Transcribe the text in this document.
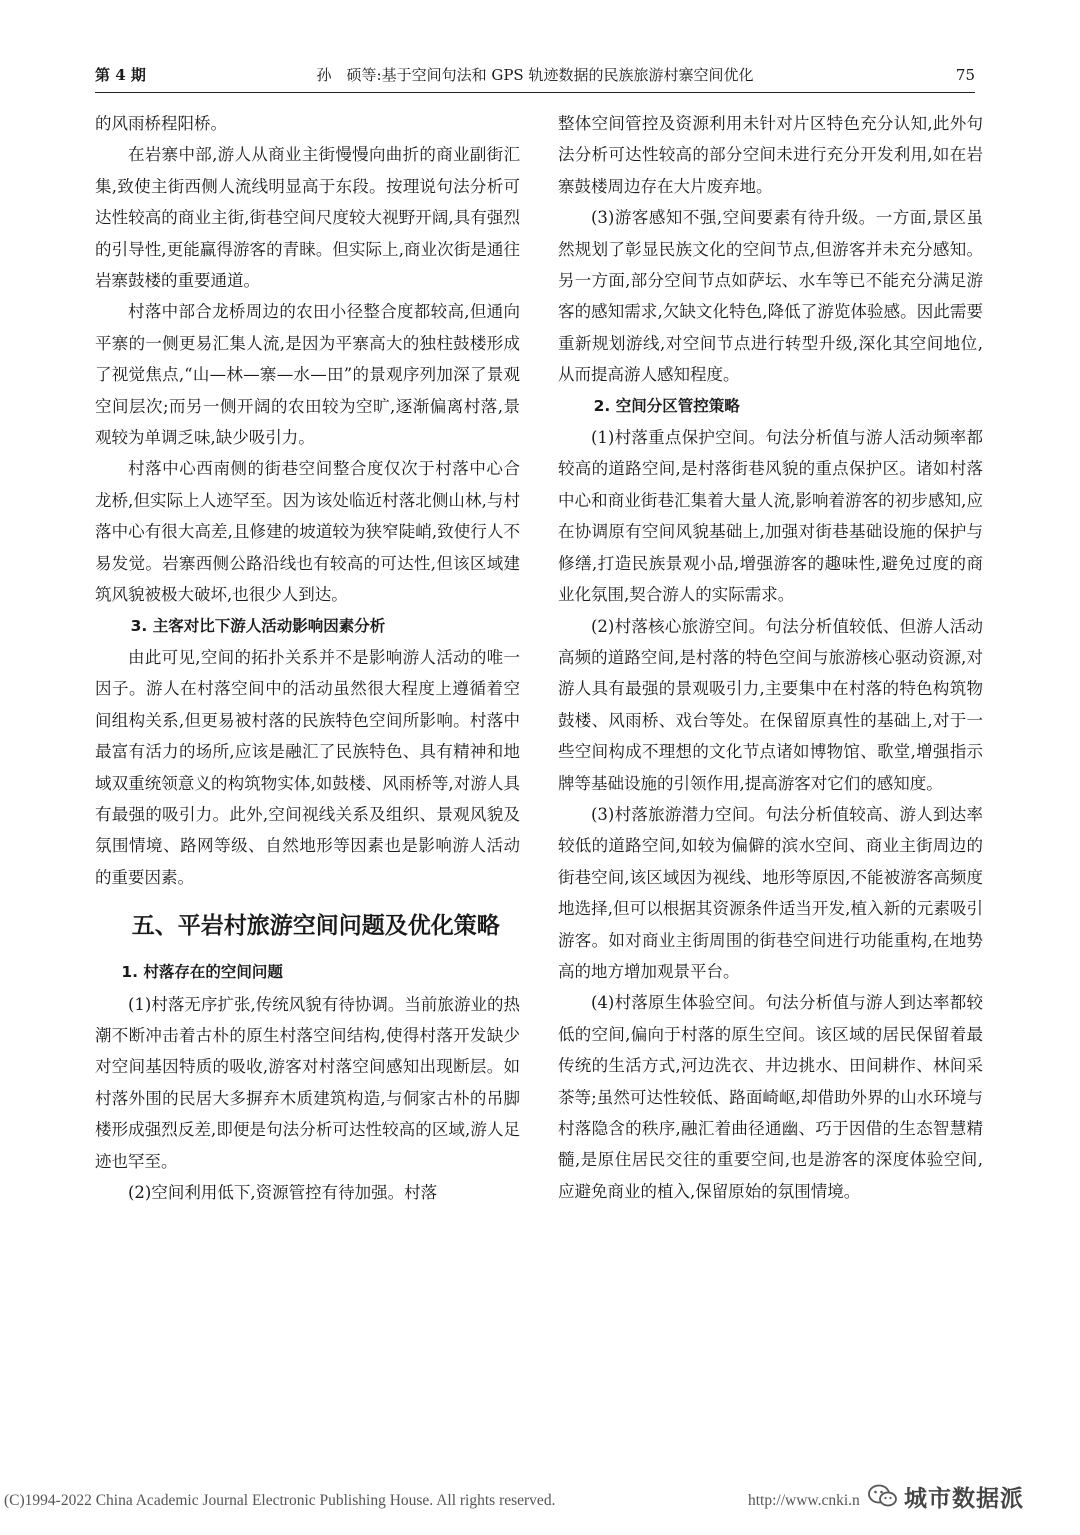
第 4 期	孙　硕等:基于空间句法和 GPS 轨迹数据的民族旅游村寨空间优化	75

的风雨桥程阳桥。

在岩寨中部,游人从商业主街慢慢向曲折的商业副街汇集,致使主街西侧人流线明显高于东段。按理说句法分析可达性较高的商业主街,街巷空间尺度较大视野开阔,具有强烈的引导性,更能赢得游客的青睐。但实际上,商业次街是通往岩寨鼓楼的重要通道。

村落中部合龙桥周边的农田小径整合度都较高,但通向平寨的一侧更易汇集人流,是因为平寨高大的独柱鼓楼形成了视觉焦点,“山—林—寨—水—田”的景观序列加深了景观空间层次;而另一侧开阔的农田较为空旷,逐渐偏离村落,景观较为单调乏味,缺少吸引力。

村落中心西南侧的街巷空间整合度仅次于村落中心合龙桥,但实际上人迹罕至。因为该处临近村落北侧山林,与村落中心有很大高差,且修建的坡道较为狭窄陡峭,致使行人不易发觉。岩寨西侧公路沿线也有较高的可达性,但该区域建筑风貌被极大破坏,也很少人到达。

3. 主客对比下游人活动影响因素分析

由此可见,空间的拓扑关系并不是影响游人活动的唯一因子。游人在村落空间中的活动虽然很大程度上遵循着空间组构关系,但更易被村落的民族特色空间所影响。村落中最富有活力的场所,应该是融汇了民族特色、具有精神和地域双重统领意义的构筑物实体,如鼓楼、风雨桥等,对游人具有最强的吸引力。此外,空间视线关系及组织、景观风貌及氛围情境、路网等级、自然地形等因素也是影响游人活动的重要因素。

五、平岩村旅游空间问题及优化策略

1. 村落存在的空间问题

(1)村落无序扩张,传统风貌有待协调。当前旅游业的热潮不断冲击着古朴的原生村落空间结构,使得村落开发缺少对空间基因特质的吸收,游客对村落空间感知出现断层。如村落外围的民居大多摒弃木质建筑构造,与侗家古朴的吊脚楼形成强烈反差,即便是句法分析可达性较高的区域,游人足迹也罕至。

(2)空间利用低下,资源管控有待加强。村落

整体空间管控及资源利用未针对片区特色充分认知,此外句法分析可达性较高的部分空间未进行充分开发利用,如在岩寨鼓楼周边存在大片废弃地。

(3)游客感知不强,空间要素有待升级。一方面,景区虽然规划了彰显民族文化的空间节点,但游客并未充分感知。另一方面,部分空间节点如萨坛、水车等已不能充分满足游客的感知需求,欠缺文化特色,降低了游览体验感。因此需要重新规划游线,对空间节点进行转型升级,深化其空间地位,从而提高游人感知程度。

2. 空间分区管控策略

(1)村落重点保护空间。句法分析值与游人活动频率都较高的道路空间,是村落街巷风貌的重点保护区。诸如村落中心和商业街巷汇集着大量人流,影响着游客的初步感知,应在协调原有空间风貌基础上,加强对街巷基础设施的保护与修缮,打造民族景观小品,增强游客的趣味性,避免过度的商业化氛围,契合游人的实际需求。

(2)村落核心旅游空间。句法分析值较低、但游人活动高频的道路空间,是村落的特色空间与旅游核心驱动资源,对游人具有最强的景观吸引力,主要集中在村落的特色构筑物鼓楼、风雨桥、戏台等处。在保留原真性的基础上,对于一些空间构成不理想的文化节点诸如博物馆、歌堂,增强指示牌等基础设施的引领作用,提高游客对它们的感知度。

(3)村落旅游潜力空间。句法分析值较高、游人到达率较低的道路空间,如较为偏僻的滨水空间、商业主街周边的街巷空间,该区域因为视线、地形等原因,不能被游客高频度地选择,但可以根据其资源条件适当开发,植入新的元素吸引游客。如对商业主街周围的街巷空间进行功能重构,在地势高的地方增加观景平台。

(4)村落原生体验空间。句法分析值与游人到达率都较低的空间,偏向于村落的原生空间。该区域的居民保留着最传统的生活方式,河边洗衣、井边挑水、田间耕作、林间采茶等;虽然可达性较低、路面崎岖,却借助外界的山水环境与村落隐含的秩序,融汇着曲径通幽、巧于因借的生态智慧精髓,是原住居民交往的重要空间,也是游客的深度体验空间,应避免商业的植入,保留原始的氛围情境。

(C)1994-2022 China Academic Journal Electronic Publishing House. All rights reserved.	http://www.cnki.n 城市数据派
